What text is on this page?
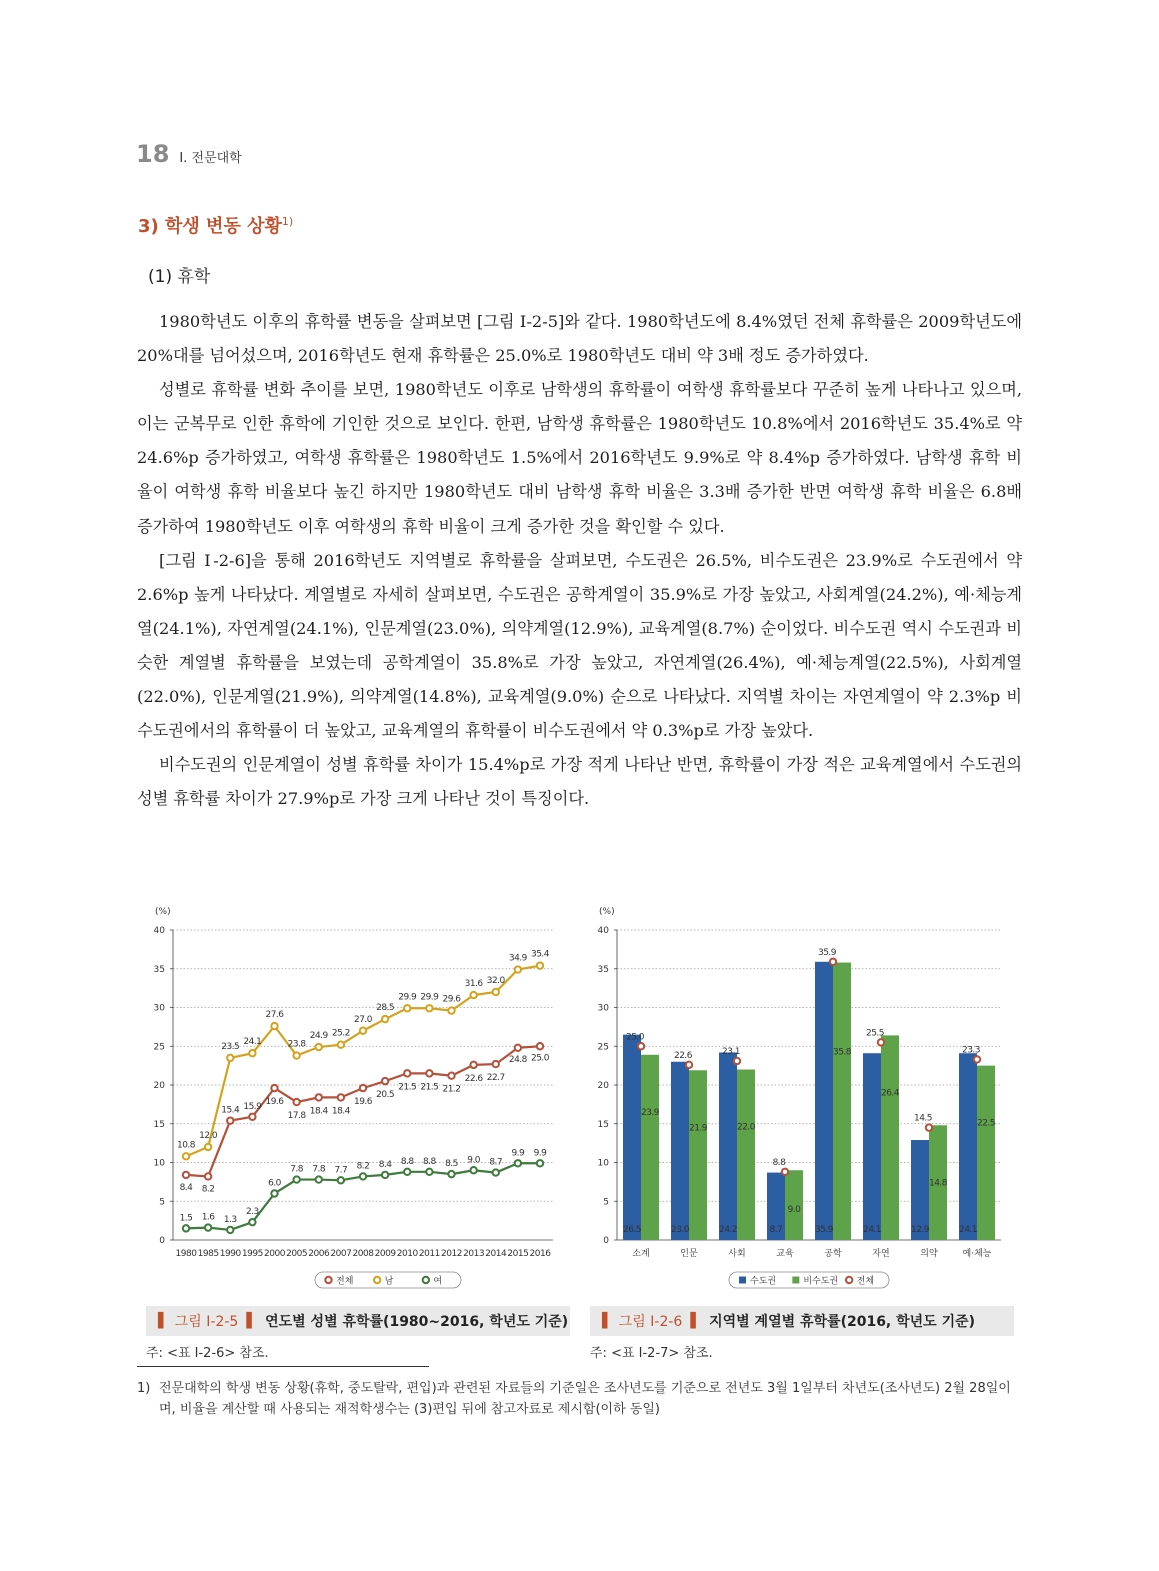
18 Ⅰ. 전문대학
3) 학생 변동 상황$^{1)}$
(1) 휴학

1980학년도 이후의 휴학률 변동을 살펴보면 [그림 Ⅰ-2-5]와 같다. 1980학년도에 8.4%였던 전체 휴학률은 2009학년도에 20%대를 넘어섰으며, 2016학년도 현재 휴학률은 25.0%로 1980학년도 대비 약 3배 정도 증가하였다.

성별로 휴학률 변화 추이를 보면, 1980학년도 이후로 남학생의 휴학률이 여학생 휴학률보다 꾸준히 높게 나타나고 있으며, 이는 군복무로 인한 휴학에 기인한 것으로 보인다. 한편, 남학생 휴학률은 1980학년도 10.8%에서 2016학년도 35.4%로 약 24.6%p 증가하였고, 여학생 휴학률은 1980학년도 1.5%에서 2016학년도 9.9%로 약 8.4%p 증가하였다. 남학생 휴학 비율이 여학생 휴학 비율보다 높긴 하지만 1980학년도 대비 남학생 휴학 비율은 3.3배 증가한 반면 여학생 휴학 비율은 6.8배 증가하여 1980학년도 이후 여학생의 휴학 비율이 크게 증가한 것을 확인할 수 있다.

[그림 Ⅰ-2-6]을 통해 2016학년도 지역별로 휴학률을 살펴보면, 수도권은 26.5%, 비수도권은 23.9%로 수도권에서 약 2.6%p 높게 나타났다. 계열별로 자세히 살펴보면, 수도권은 공학계열이 35.9%로 가장 높았고, 사회계열(24.2%), 예·체능계열(24.1%), 자연계열(24.1%), 인문계열(23.0%), 의약계열(12.9%), 교육계열(8.7%) 순이었다. 비수도권 역시 수도권과 비슷한 계열별 휴학률을 보였는데 공학계열이 35.8%로 가장 높았고, 자연계열(26.4%), 예·체능계열(22.5%), 사회계열(22.0%), 인문계열(21.9%), 의약계열(14.8%), 교육계열(9.0%) 순으로 나타났다. 지역별 차이는 자연계열이 약 2.3%p 비수도권에서의 휴학률이 더 높았고, 교육계열의 휴학률이 비수도권에서 약 0.3%p로 가장 높았다.

비수도권의 인문계열이 성별 휴학률 차이가 15.4%p로 가장 적게 나타난 반면, 휴학률이 가장 적은 교육계열에서 수도권의 성별 휴학률 차이가 27.9%p로 가장 크게 나타난 것이 특징이다.

(%)
0
5
10
15
20
25
30
35
40
1980 1985 1990 1995 2000 2005 2006 2007 2008 2009 2010 2011 2012 2013 2014 2015 2016
8.4 8.2
15.4 15.9 19.6
17.8 18.4 18.4
19.6
20.5
21.5 21.5 21.2
22.6 22.7
24.8 25.0
10.8
12.0
23.5 24.1
27.6
23.8
24.9 25.2
27.0
28.5
29.9 29.9 29.6
31.6 32.0
34.9 35.4
1.5 1.6 1.3
2.3
6.0
7.8 7.8 7.7 8.2 8.4 8.8 8.8 8.5 9.0 8.7
9.9 9.9
전체	남	여
(%)
0
5
10
15
20
25
30
35
40
26.5
23.9
25.0
소계
23.0
21.9
22.6
인문
24.2
22.0
23.1
사회
8.7
9.0
8.8
교육
35.9
35.8
35.9
공학
24.1
26.4
25.5
자연
12.9
14.8
14.5
의약
24.1
22.5
23.3
예·체능
수도권	비수도권 전체
▌ 그림 Ⅰ-2-5 ▌ 연도별 성별 휴학률(1980~2016, 학년도 기준)
주: <표 Ⅰ-2-6> 참조.
▌ 그림 Ⅰ-2-6 ▌ 지역별 계열별 휴학률(2016, 학년도 기준)
주: <표 Ⅰ-2-7> 참조.
1) 전문대학의 학생 변동 상황(휴학, 중도탈락, 편입)과 관련된 자료들의 기준일은 조사년도를 기준으로 전년도 3월 1일부터 차년도(조사년도) 2월 28일이며, 비율을 계산할 때 사용되는 재적학생수는 (3)편입 뒤에 참고자료로 제시함(이하 동일)
